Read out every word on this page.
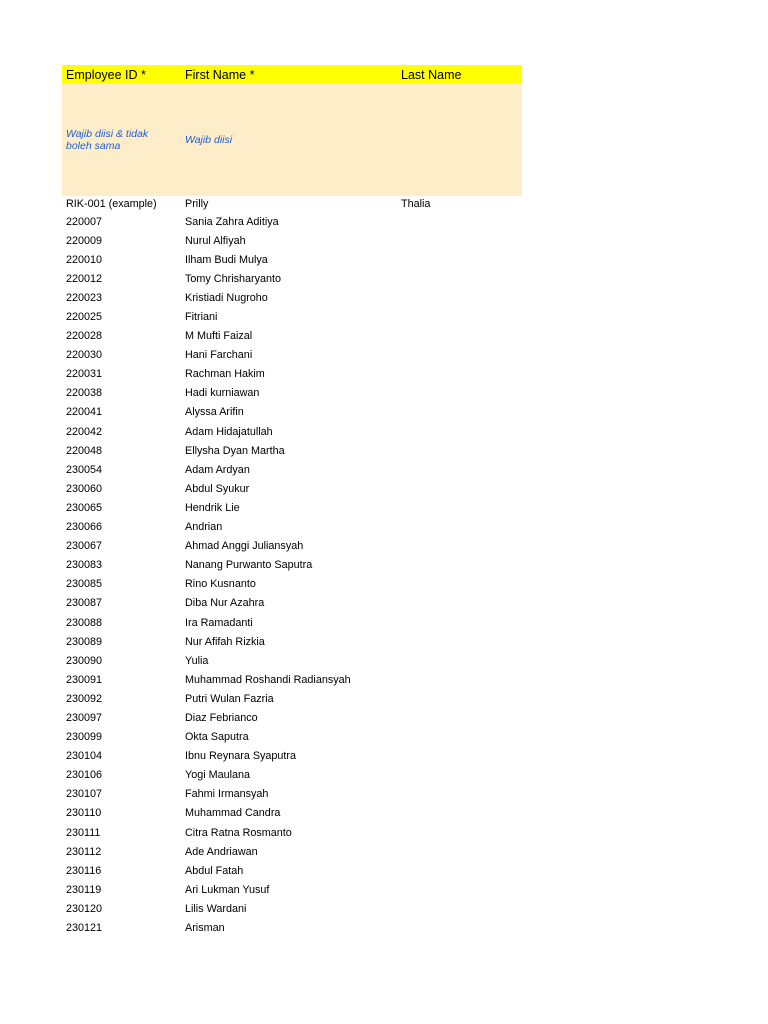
Employee ID *	First Name *	Last Name
Wajib diisi & tidak boleh sama	Wajib diisi
RIK-001 (example)	Prilly	Thalia
220007	Sania Zahra Aditiya
220009	Nurul Alfiyah
220010	Ilham Budi Mulya
220012	Tomy Chrisharyanto
220023	Kristiadi Nugroho
220025	Fitriani
220028	M Mufti Faizal
220030	Hani Farchani
220031	Rachman Hakim
220038	Hadi kurniawan
220041	Alyssa Arifin
220042	Adam Hidajatullah
220048	Ellysha Dyan Martha
230054	Adam Ardyan
230060	Abdul Syukur
230065	Hendrik Lie
230066	Andrian
230067	Ahmad Anggi Juliansyah
230083	Nanang Purwanto Saputra
230085	Rino Kusnanto
230087	Diba Nur Azahra
230088	Ira Ramadanti
230089	Nur Afifah Rizkia
230090	Yulia
230091	Muhammad Roshandi Radiansyah
230092	Putri Wulan Fazria
230097	Diaz Febrianco
230099	Okta Saputra
230104	Ibnu Reynara Syaputra
230106	Yogi Maulana
230107	Fahmi Irmansyah
230110	Muhammad Candra
230111	Citra Ratna Rosmanto
230112	Ade Andriawan
230116	Abdul Fatah
230119	Ari Lukman Yusuf
230120	Lilis Wardani
230121	Arisman
